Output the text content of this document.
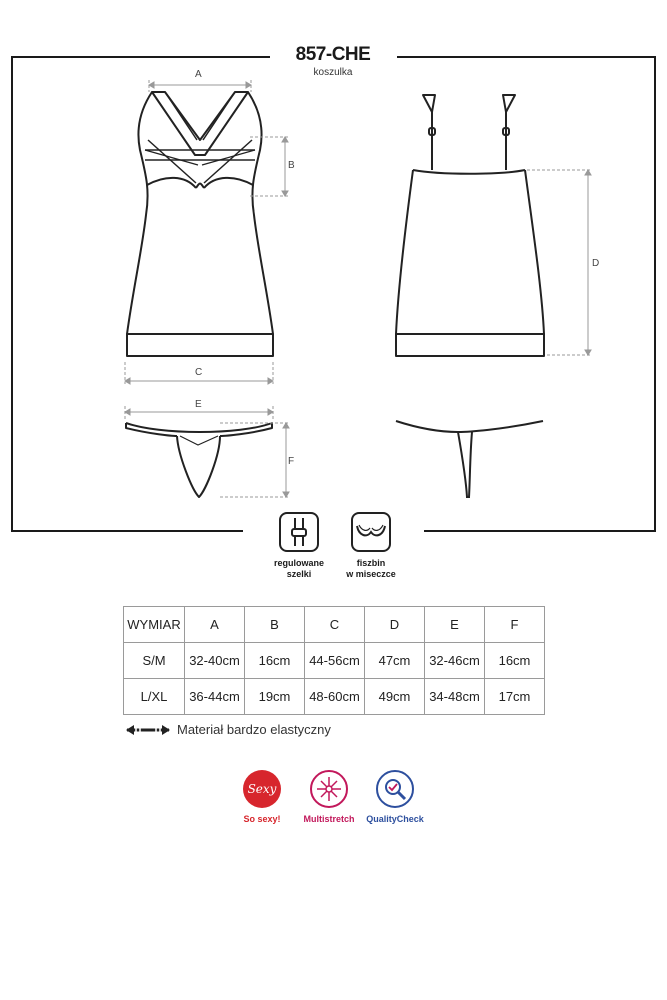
857-CHE
koszulka
A
B
C
D
E
F
regulowane
szelki
fiszbin
w miseczce
WYMIAR	A	B	C	D	E	F
S/M	32-40cm	16cm	44-56cm	47cm	32-46cm	16cm
L/XL	36-44cm	19cm	48-60cm	49cm	34-48cm	17cm
Materiał bardzo elastyczny
Sexy
So sexy!	Multistretch	QualityCheck
